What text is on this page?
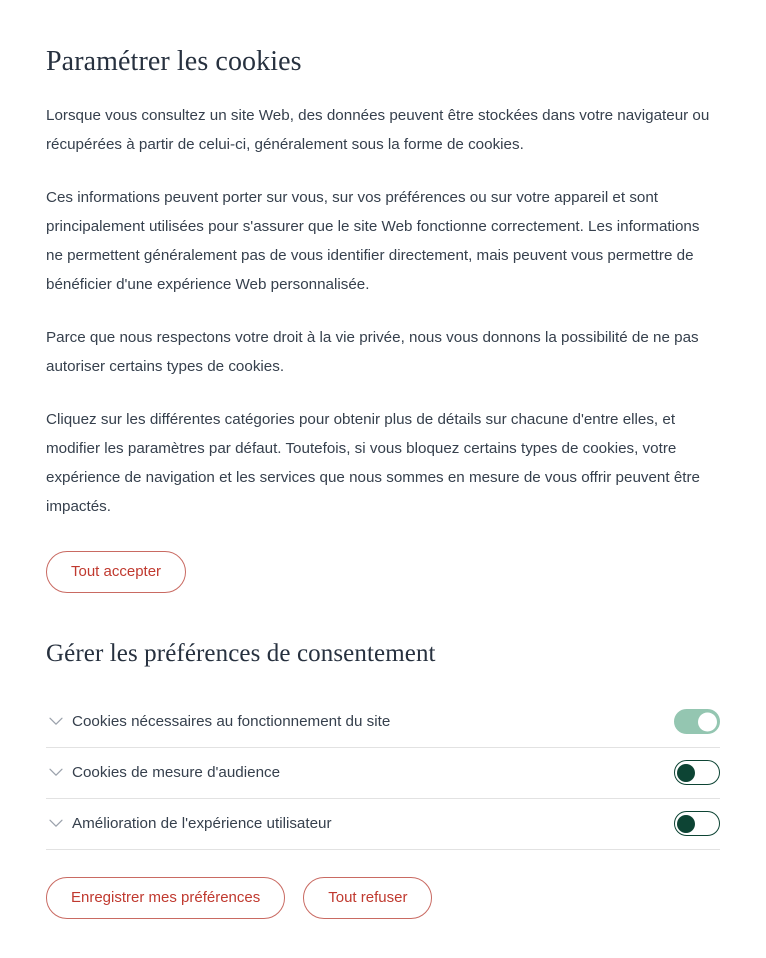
Paramétrer les cookies

Lorsque vous consultez un site Web, des données peuvent être stockées dans votre navigateur ou récupérées à partir de celui-ci, généralement sous la forme de cookies.

Ces informations peuvent porter sur vous, sur vos préférences ou sur votre appareil et sont principalement utilisées pour s'assurer que le site Web fonctionne correctement. Les informations ne permettent généralement pas de vous identifier directement, mais peuvent vous permettre de bénéficier d'une expérience Web personnalisée.

Parce que nous respectons votre droit à la vie privée, nous vous donnons la possibilité de ne pas autoriser certains types de cookies.

Cliquez sur les différentes catégories pour obtenir plus de détails sur chacune d'entre elles, et modifier les paramètres par défaut. Toutefois, si vous bloquez certains types de cookies, votre expérience de navigation et les services que nous sommes en mesure de vous offrir peuvent être impactés.

Tout accepter
Gérer les préférences de consentement
Cookies nécessaires au fonctionnement du site
Cookies de mesure d'audience
Amélioration de l'expérience utilisateur
Enregistrer mes préférences	Tout refuser
